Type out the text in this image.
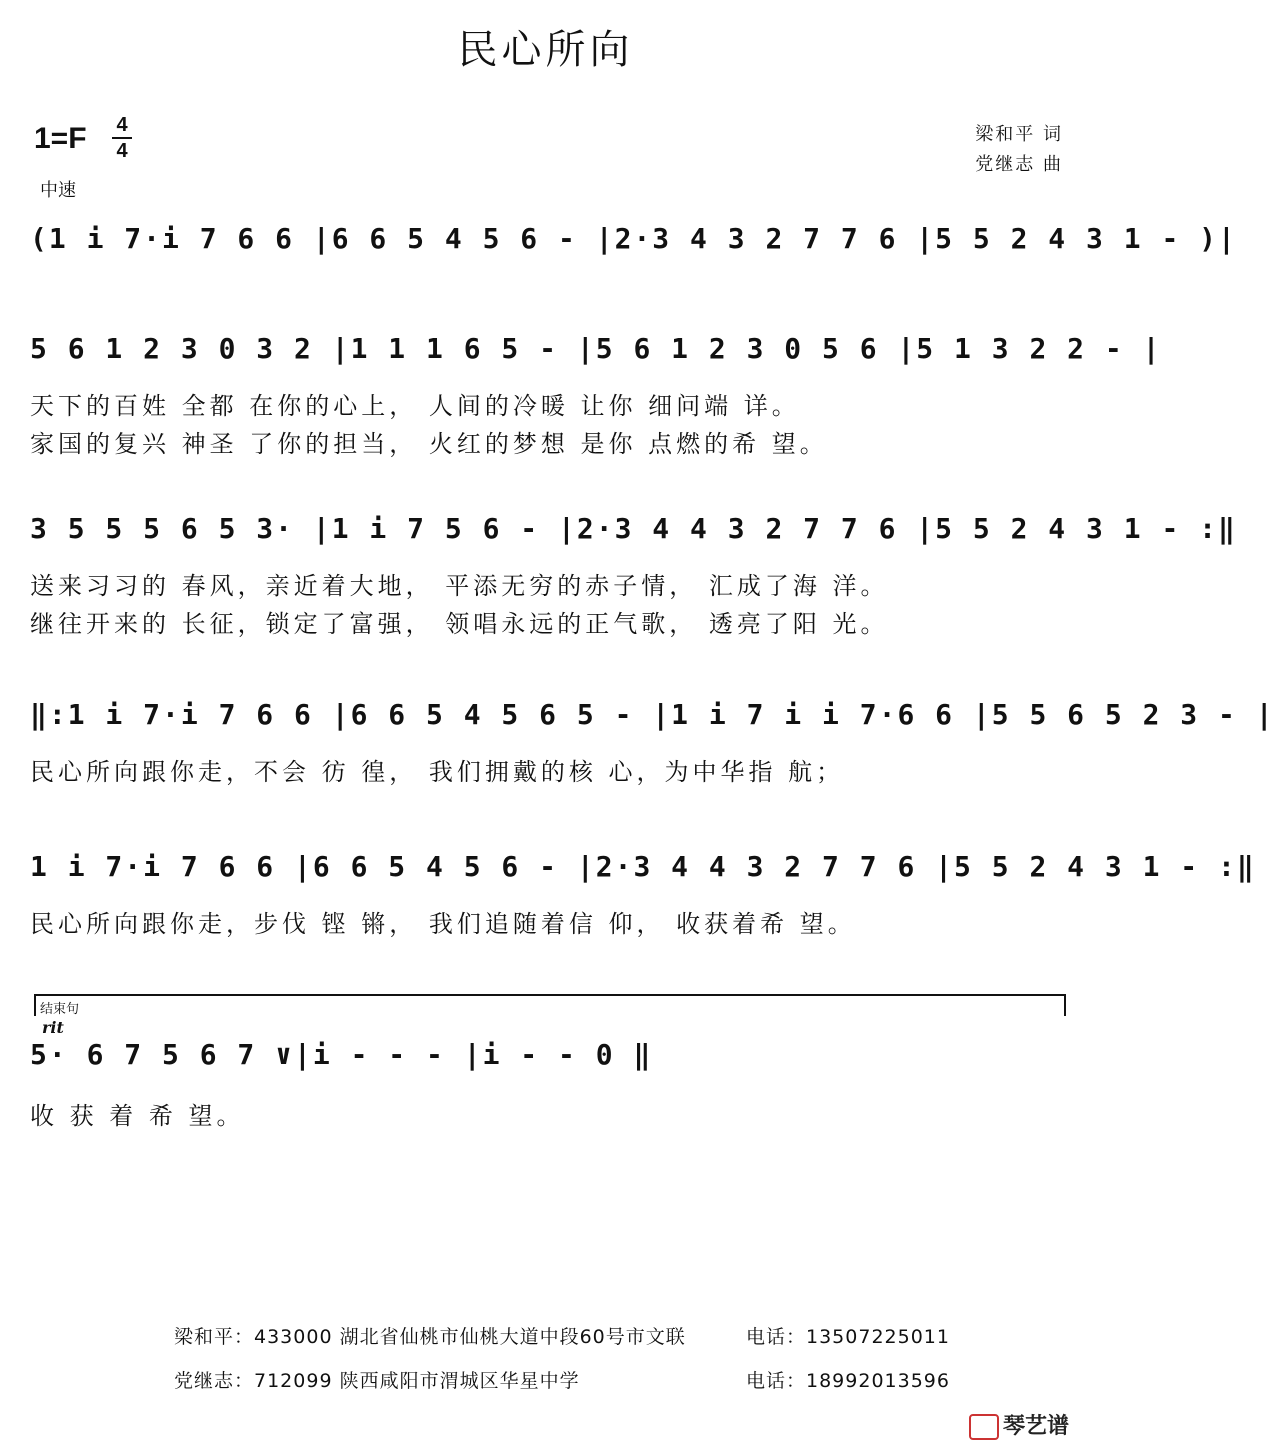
民心所向
1=F 4
4
中速
梁和平 词
党继志 曲
(1 i 7·i 7 6 6 |6 6 5 4 5 6 - |2·3 4 3 2 7 7 6 |5 5 2 4 3 1 - )|
5 6 1 2 3 0 3 2 |1 1 1 6 5 - |5 6 1 2 3 0 5 6 |5 1 3 2 2 - |
天下的百姓 全都 在你的心上， 人间的冷暖 让你 细问端 详。
家国的复兴 神圣 了你的担当， 火红的梦想 是你 点燃的希 望。
3 5 5 5 6 5 3· |1 i 7 5 6 - |2·3 4 4 3 2 7 7 6 |5 5 2 4 3 1 - :‖
送来习习的 春风，亲近着大地， 平添无穷的赤子情， 汇成了海 洋。
继往开来的 长征，锁定了富强， 领唱永远的正气歌， 透亮了阳 光。
‖:1 i 7·i 7 6 6 |6 6 5 4 5 6 5 - |1 i 7 i i 7·6 6 |5 5 6 5 2 3 - |
民心所向跟你走，不会 彷 徨， 我们拥戴的核 心，为中华指 航；
1 i 7·i 7 6 6 |6 6 5 4 5 6 - |2·3 4 4 3 2 7 7 6 |5 5 2 4 3 1 - :‖
民心所向跟你走，步伐 铿 锵， 我们追随着信 仰， 收获着希 望。
结束句
rit
5· 6 7 5 6 7 ∨|i - - - |i - - 0 ‖
收 获 着 希 望。
梁和平：433000 湖北省仙桃市仙桃大道中段60号市文联	电话：13507225011
党继志：712099 陕西咸阳市渭城区华星中学	电话：18992013596
琴艺谱
